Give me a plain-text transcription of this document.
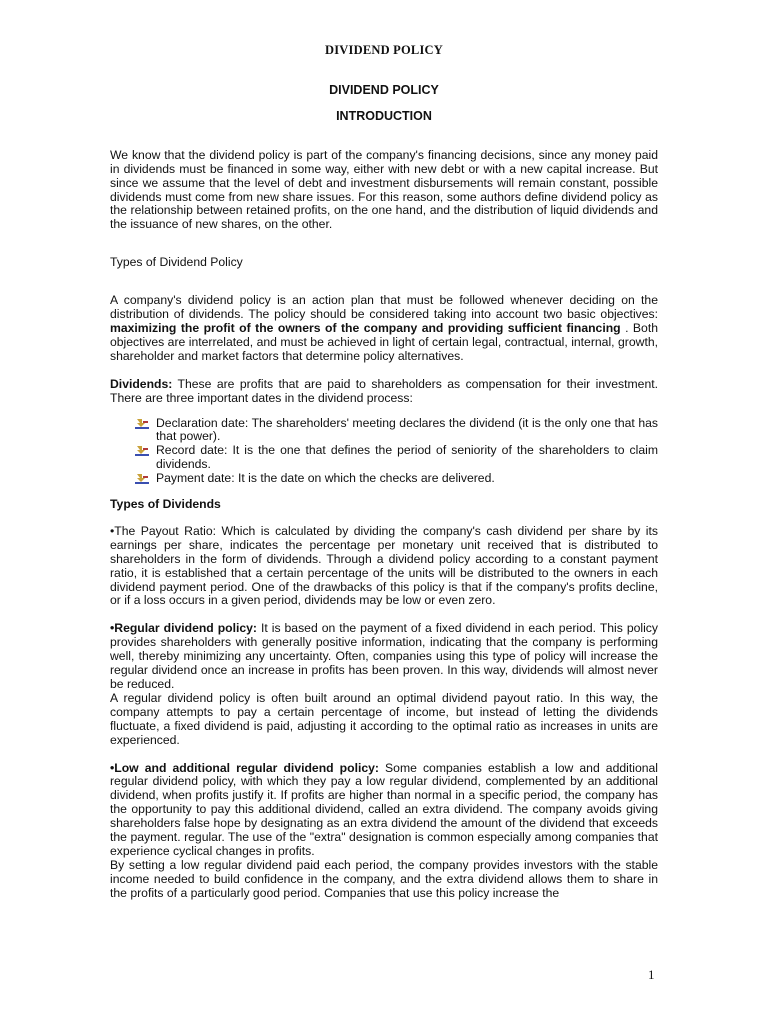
DIVIDEND POLICY
DIVIDEND POLICY
INTRODUCTION

We know that the dividend policy is part of the company's financing decisions, since any money paid in dividends must be financed in some way, either with new debt or with a new capital increase. But since we assume that the level of debt and investment disbursements will remain constant, possible dividends must come from new share issues. For this reason, some authors define dividend policy as the relationship between retained profits, on the one hand, and the distribution of liquid dividends and the issuance of new shares, on the other.

Types of Dividend Policy

A company's dividend policy is an action plan that must be followed whenever deciding on the distribution of dividends. The policy should be considered taking into account two basic objectives: maximizing the profit of the owners of the company and providing sufficient financing . Both objectives are interrelated, and must be achieved in light of certain legal, contractual, internal, growth, shareholder and market factors that determine policy alternatives.

Dividends: These are profits that are paid to shareholders as compensation for their investment. There are three important dates in the dividend process:

Declaration date: The shareholders' meeting declares the dividend (it is the only one that has that power).
Record date: It is the one that defines the period of seniority of the shareholders to claim dividends.
Payment date: It is the date on which the checks are delivered.

Types of Dividends

•The Payout Ratio: Which is calculated by dividing the company's cash dividend per share by its earnings per share, indicates the percentage per monetary unit received that is distributed to shareholders in the form of dividends. Through a dividend policy according to a constant payment ratio, it is established that a certain percentage of the units will be distributed to the owners in each dividend payment period. One of the drawbacks of this policy is that if the company's profits decline, or if a loss occurs in a given period, dividends may be low or even zero.

•Regular dividend policy: It is based on the payment of a fixed dividend in each period. This policy provides shareholders with generally positive information, indicating that the company is performing well, thereby minimizing any uncertainty. Often, companies using this type of policy will increase the regular dividend once an increase in profits has been proven. In this way, dividends will almost never be reduced.

A regular dividend policy is often built around an optimal dividend payout ratio. In this way, the company attempts to pay a certain percentage of income, but instead of letting the dividends fluctuate, a fixed dividend is paid, adjusting it according to the optimal ratio as increases in units are experienced.

•Low and additional regular dividend policy: Some companies establish a low and additional regular dividend policy, with which they pay a low regular dividend, complemented by an additional dividend, when profits justify it. If profits are higher than normal in a specific period, the company has the opportunity to pay this additional dividend, called an extra dividend. The company avoids giving shareholders false hope by designating as an extra dividend the amount of the dividend that exceeds the payment. regular. The use of the "extra" designation is common especially among companies that experience cyclical changes in profits.

By setting a low regular dividend paid each period, the company provides investors with the stable income needed to build confidence in the company, and the extra dividend allows them to share in the profits of a particularly good period. Companies that use this policy increase the

1
